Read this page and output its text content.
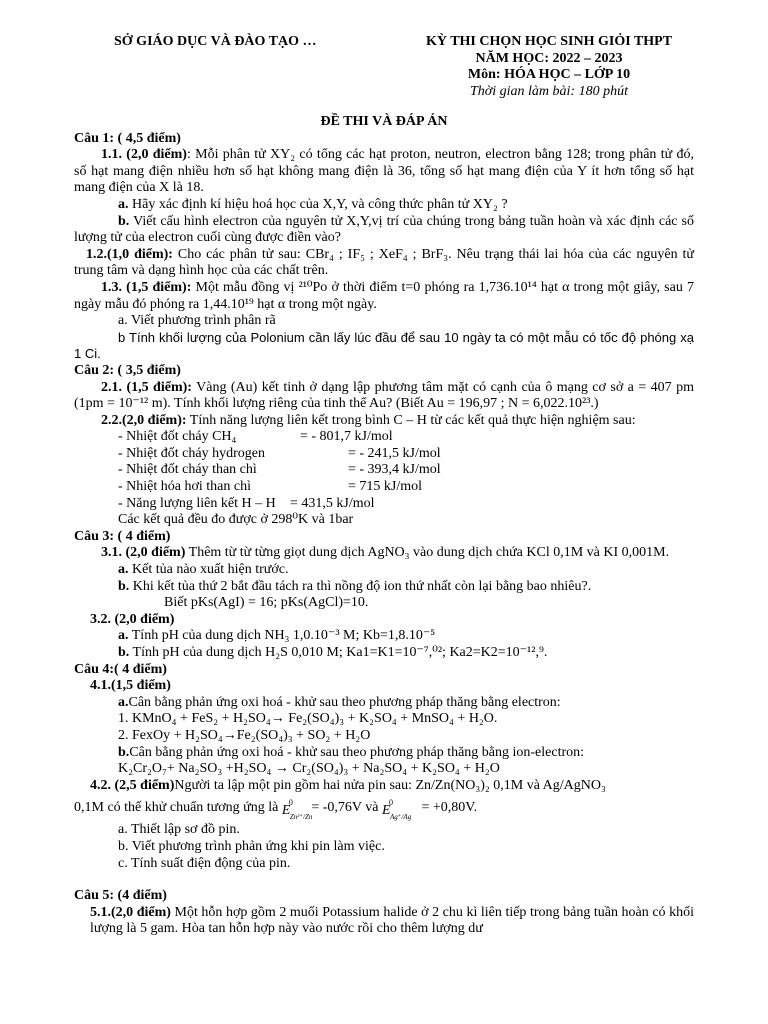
SỞ GIÁO DỤC VÀ ĐÀO TẠO …	KỲ THI CHỌN HỌC SINH GIỎI THPT
NĂM HỌC: 2022 – 2023
Môn: HÓA HỌC – LỚP 10
Thời gian làm bài: 180 phút
ĐỀ THI VÀ ĐÁP ÁN

Câu 1: ( 4,5 điểm)

1.1. (2,0 điểm): Mỗi phân tử XY₂ có tổng các hạt proton, neutron, electron bằng 128; trong phân tử đó, số hạt mang điện nhiều hơn số hạt không mang điện là 36, tổng số hạt mang điện của Y ít hơn tổng số hạt mang điện của X là 18.

a. Hãy xác định kí hiệu hoá học của X,Y, và công thức phân tử XY₂ ?

b. Viết cấu hình electron của nguyên tử X,Y,vị trí của chúng trong bảng tuần hoàn và xác định các số lượng tử của electron cuối cùng được điền vào?

1.2.(1,0 điểm): Cho các phân tử sau: CBr₄ ; IF₅ ; XeF₄ ; BrF₃. Nêu trạng thái lai hóa của các nguyên tử trung tâm và dạng hình học của các chất trên.

1.3. (1,5 điểm): Một mẫu đồng vị ²¹⁰Po ở thời điểm t=0 phóng ra 1,736.10¹⁴ hạt α trong một giây, sau 7 ngày mẫu đó phóng ra 1,44.10¹⁹ hạt α trong một ngày.

a. Viết phương trình phân rã

b Tính khối lượng của Polonium cần lấy lúc đầu để sau 10 ngày ta có một mẫu có tốc độ phóng xạ 1 Ci.

Câu 2: ( 3,5 điểm)

2.1. (1,5 điểm): Vàng (Au) kết tinh ở dạng lập phương tâm mặt có cạnh của ô mạng cơ sở a = 407 pm (1pm = 10⁻¹² m). Tính khối lượng riêng của tinh thể Au? (Biết Au = 196,97 ; N = 6,022.10²³.)

2.2.(2,0 điểm): Tính năng lượng liên kết trong bình C – H từ các kết quả thực hiện nghiệm sau:

- Nhiệt đốt cháy CH₄	= - 801,7 kJ/mol
- Nhiệt đốt cháy hydrogen	= - 241,5 kJ/mol
- Nhiệt đốt cháy than chì	= - 393,4 kJ/mol
- Nhiệt hóa hơi than chì	= 715 kJ/mol
- Năng lượng liên kết H – H	= 431,5 kJ/mol
Các kết quả đều đo được ở 298⁰K và 1bar

Câu 3: ( 4 điểm)

3.1. (2,0 điểm) Thêm từ từ từng giọt dung dịch AgNO₃ vào dung dịch chứa KCl 0,1M và KI 0,001M.

a. Kết tủa nào xuất hiện trước.

b. Khi kết tủa thứ 2 bắt đầu tách ra thì nồng độ ion thứ nhất còn lại bằng bao nhiêu?.

Biết pKs(AgI) = 16; pKs(AgCl)=10.

3.2. (2,0 điểm)

a. Tính pH của dung dịch NH₃ 1,0.10⁻³ M; Kb=1,8.10⁻⁵

b. Tính pH của dung dịch H₂S 0,010 M; Ka1=K1=10⁻⁷,⁰²; Ka2=K2=10⁻¹²,⁹.

Câu 4:( 4 điểm)

4.1.(1,5 điểm)

a.Cân bằng phản ứng oxi hoá - khử sau theo phương pháp thăng bằng electron:

1. KMnO₄ + FeS₂ + H₂SO₄→ Fe₂(SO₄)₃ + K₂SO₄ + MnSO₄ + H₂O.

2. FexOy + H₂SO₄→Fe₂(SO₄)₃ + SO₂ + H₂O

b.Cân bằng phản ứng oxi hoá - khử sau theo phương pháp thăng bằng ion-electron:

K₂Cr₂O₇+ Na₂SO₃ +H₂SO₄ → Cr₂(SO₄)₃ + Na₂SO₄ + K₂SO₄ + H₂O

4.2. (2,5 điểm)Người ta lập một pin gồm hai nửa pin sau: Zn/Zn(NO₃)₂ 0,1M và Ag/AgNO₃

0,1M có thế khử chuẩn tương ứng là E
0
Zn²⁺/Zn
= -0,76V và E
0
Ag⁺/Ag
= +0,80V.

a. Thiết lập sơ đồ pin.

b. Viết phương trình phản ứng khi pin làm việc.

c. Tính suất điện động của pin.

Câu 5: (4 điểm)

5.1.(2,0 điểm) Một hỗn hợp gồm 2 muối Potassium halide ở 2 chu kì liên tiếp trong bảng tuần hoàn có khối lượng là 5 gam. Hòa tan hỗn hợp này vào nước rồi cho thêm lượng dư
